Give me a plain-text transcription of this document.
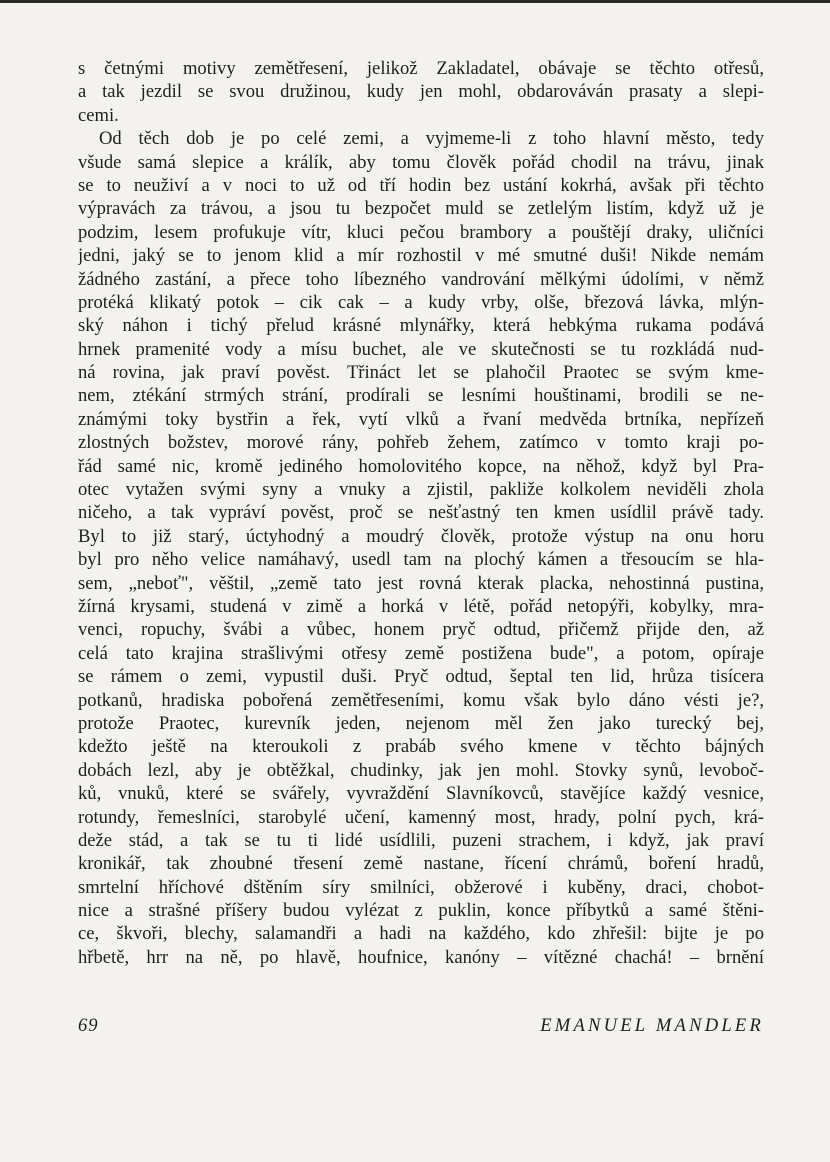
s četnými motivy zemětřesení, jelikož Zakladatel, obávaje se těchto otřesů,
a tak jezdil se svou družinou, kudy jen mohl, obdarováván prasaty a slepi-
cemi.
Od těch dob je po celé zemi, a vyjmeme-li z toho hlavní město, tedy
všude samá slepice a králík, aby tomu člověk pořád chodil na trávu, jinak
se to neuživí a v noci to už od tří hodin bez ustání kokrhá, avšak při těchto
výpravách za trávou, a jsou tu bezpočet muld se zetlelým listím, když už je
podzim, lesem profukuje vítr, kluci pečou brambory a pouštějí draky, uličníci
jedni, jaký se to jenom klid a mír rozhostil v mé smutné duši! Nikde nemám
žádného zastání, a přece toho líbezného vandrování mělkými údolími, v němž
protéká klikatý potok – cik cak – a kudy vrby, olše, březová lávka, mlýn-
ský náhon i tichý přelud krásné mlynářky, která hebkýma rukama podává
hrnek pramenité vody a mísu buchet, ale ve skutečnosti se tu rozkládá nud-
ná rovina, jak praví pověst. Třináct let se plahočil Praotec se svým kme-
nem, ztékání strmých strání, prodírali se lesními houštinami, brodili se ne-
známými toky bystřin a řek, vytí vlků a řvaní medvěda brtníka, nepřízeň
zlostných božstev, morové rány, pohřeb žehem, zatímco v tomto kraji po-
řád samé nic, kromě jediného homolovitého kopce, na něhož, když byl Pra-
otec vytažen svými syny a vnuky a zjistil, pakliže kolkolem neviděli zhola
ničeho, a tak vypráví pověst, proč se nešťastný ten kmen usídlil právě tady.
Byl to již starý, úctyhodný a moudrý člověk, protože výstup na onu horu
byl pro něho velice namáhavý, usedl tam na plochý kámen a třesoucím se hla-
sem, „neboť", věštil, „země tato jest rovná kterak placka, nehostinná pustina,
žírná krysami, studená v zimě a horká v létě, pořád netopýři, kobylky, mra-
venci, ropuchy, švábi a vůbec, honem pryč odtud, přičemž přijde den, až
celá tato krajina strašlivými otřesy země postižena bude", a potom, opíraje
se rámem o zemi, vypustil duši. Pryč odtud, šeptal ten lid, hrůza tisícera
potkanů, hradiska pobořená zemětřeseními, komu však bylo dáno vésti je?,
protože Praotec, kurevník jeden, nejenom měl žen jako turecký bej,
kdežto ještě na kteroukoli z prabáb svého kmene v těchto bájných
dobách lezl, aby je obtěžkal, chudinky, jak jen mohl. Stovky synů, levoboč-
ků, vnuků, které se svářely, vyvraždění Slavníkovců, stavějíce každý vesnice,
rotundy, řemeslníci, starobylé učení, kamenný most, hrady, polní pych, krá-
deže stád, a tak se tu ti lidé usídlili, puzeni strachem, i když, jak praví
kronikář, tak zhoubné třesení země nastane, řícení chrámů, boření hradů,
smrtelní hříchové dštěním síry smilníci, obžerové i kuběny, draci, chobot-
nice a strašné příšery budou vylézat z puklin, konce příbytků a samé štěni-
ce, škvoři, blechy, salamandři a hadi na každého, kdo zhřešil: bijte je po
hřbetě, hrr na ně, po hlavě, houfnice, kanóny – vítězné chachá! – brnění
69	EMANUEL MANDLER
